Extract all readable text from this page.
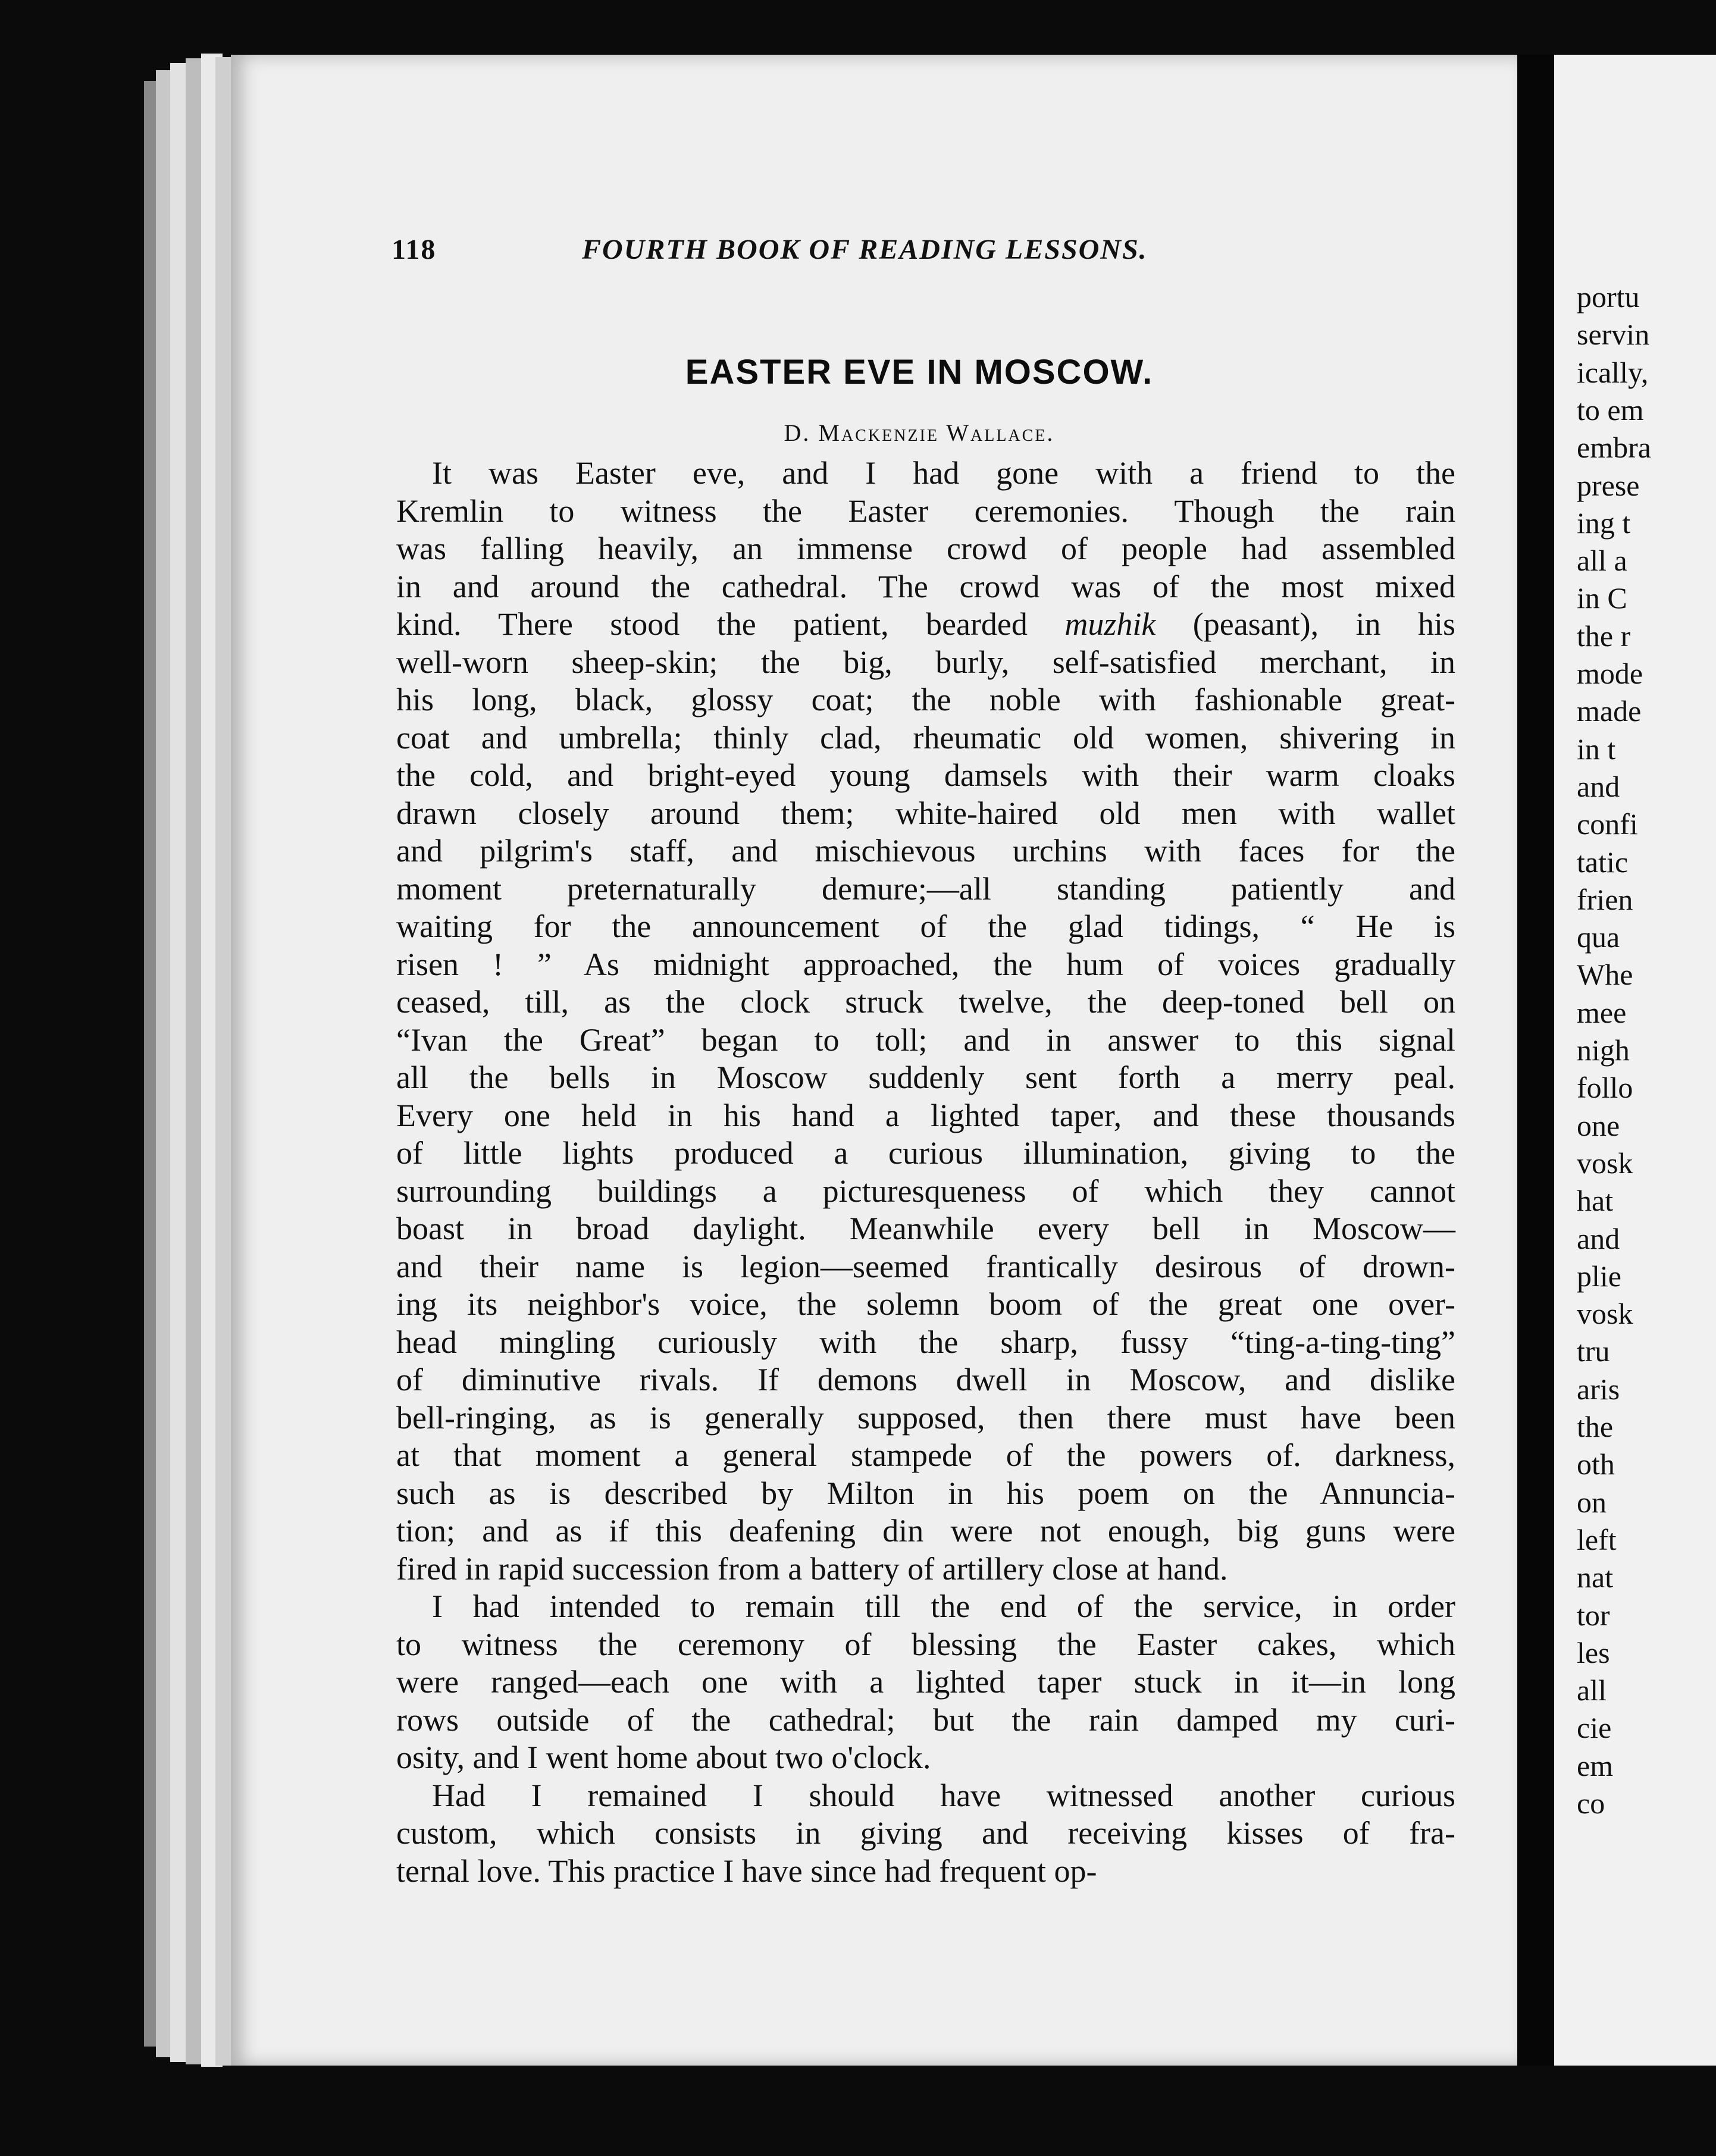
118	FOURTH BOOK OF READING LESSONS.
EASTER EVE IN MOSCOW.
D. Mackenzie Wallace.
It was Easter eve, and I had gone with a friend to the
Kremlin to witness the Easter ceremonies. Though the rain
was falling heavily, an immense crowd of people had assembled
in and around the cathedral. The crowd was of the most mixed
kind. There stood the patient, bearded muzhik (peasant), in his
well-worn sheep-skin; the big, burly, self-satisfied merchant, in
his long, black, glossy coat; the noble with fashionable great-
coat and umbrella; thinly clad, rheumatic old women, shivering in
the cold, and bright-eyed young damsels with their warm cloaks
drawn closely around them; white-haired old men with wallet
and pilgrim's staff, and mischievous urchins with faces for the
moment preternaturally demure;—all standing patiently and
waiting for the announcement of the glad tidings, “ He is
risen ! ” As midnight approached, the hum of voices gradually
ceased, till, as the clock struck twelve, the deep-toned bell on
“Ivan the Great” began to toll; and in answer to this signal
all the bells in Moscow suddenly sent forth a merry peal.
Every one held in his hand a lighted taper, and these thousands
of little lights produced a curious illumination, giving to the
surrounding buildings a picturesqueness of which they cannot
boast in broad daylight. Meanwhile every bell in Moscow—
and their name is legion—seemed frantically desirous of drown-
ing its neighbor's voice, the solemn boom of the great one over-
head mingling curiously with the sharp, fussy “ting-a-ting-ting”
of diminutive rivals. If demons dwell in Moscow, and dislike
bell-ringing, as is generally supposed, then there must have been
at that moment a general stampede of the powers of. darkness,
such as is described by Milton in his poem on the Annuncia-
tion; and as if this deafening din were not enough, big guns were
fired in rapid succession from a battery of artillery close at hand.
I had intended to remain till the end of the service, in order
to witness the ceremony of blessing the Easter cakes, which
were ranged—each one with a lighted taper stuck in it—in long
rows outside of the cathedral; but the rain damped my curi-
osity, and I went home about two o'clock.
Had I remained I should have witnessed another curious
custom, which consists in giving and receiving kisses of fra-
ternal love. This practice I have since had frequent op-
portu
servin
ically,
to em
embra
prese
ing t
all a
in C
the r
mode
made
in t
and
confi
tatic
frien
qua
Whe
mee
nigh
follo
one
vosk
hat
and
plie
vosk
tru
aris
the
oth
on
left
nat
tor
les
all
cie
em
co
